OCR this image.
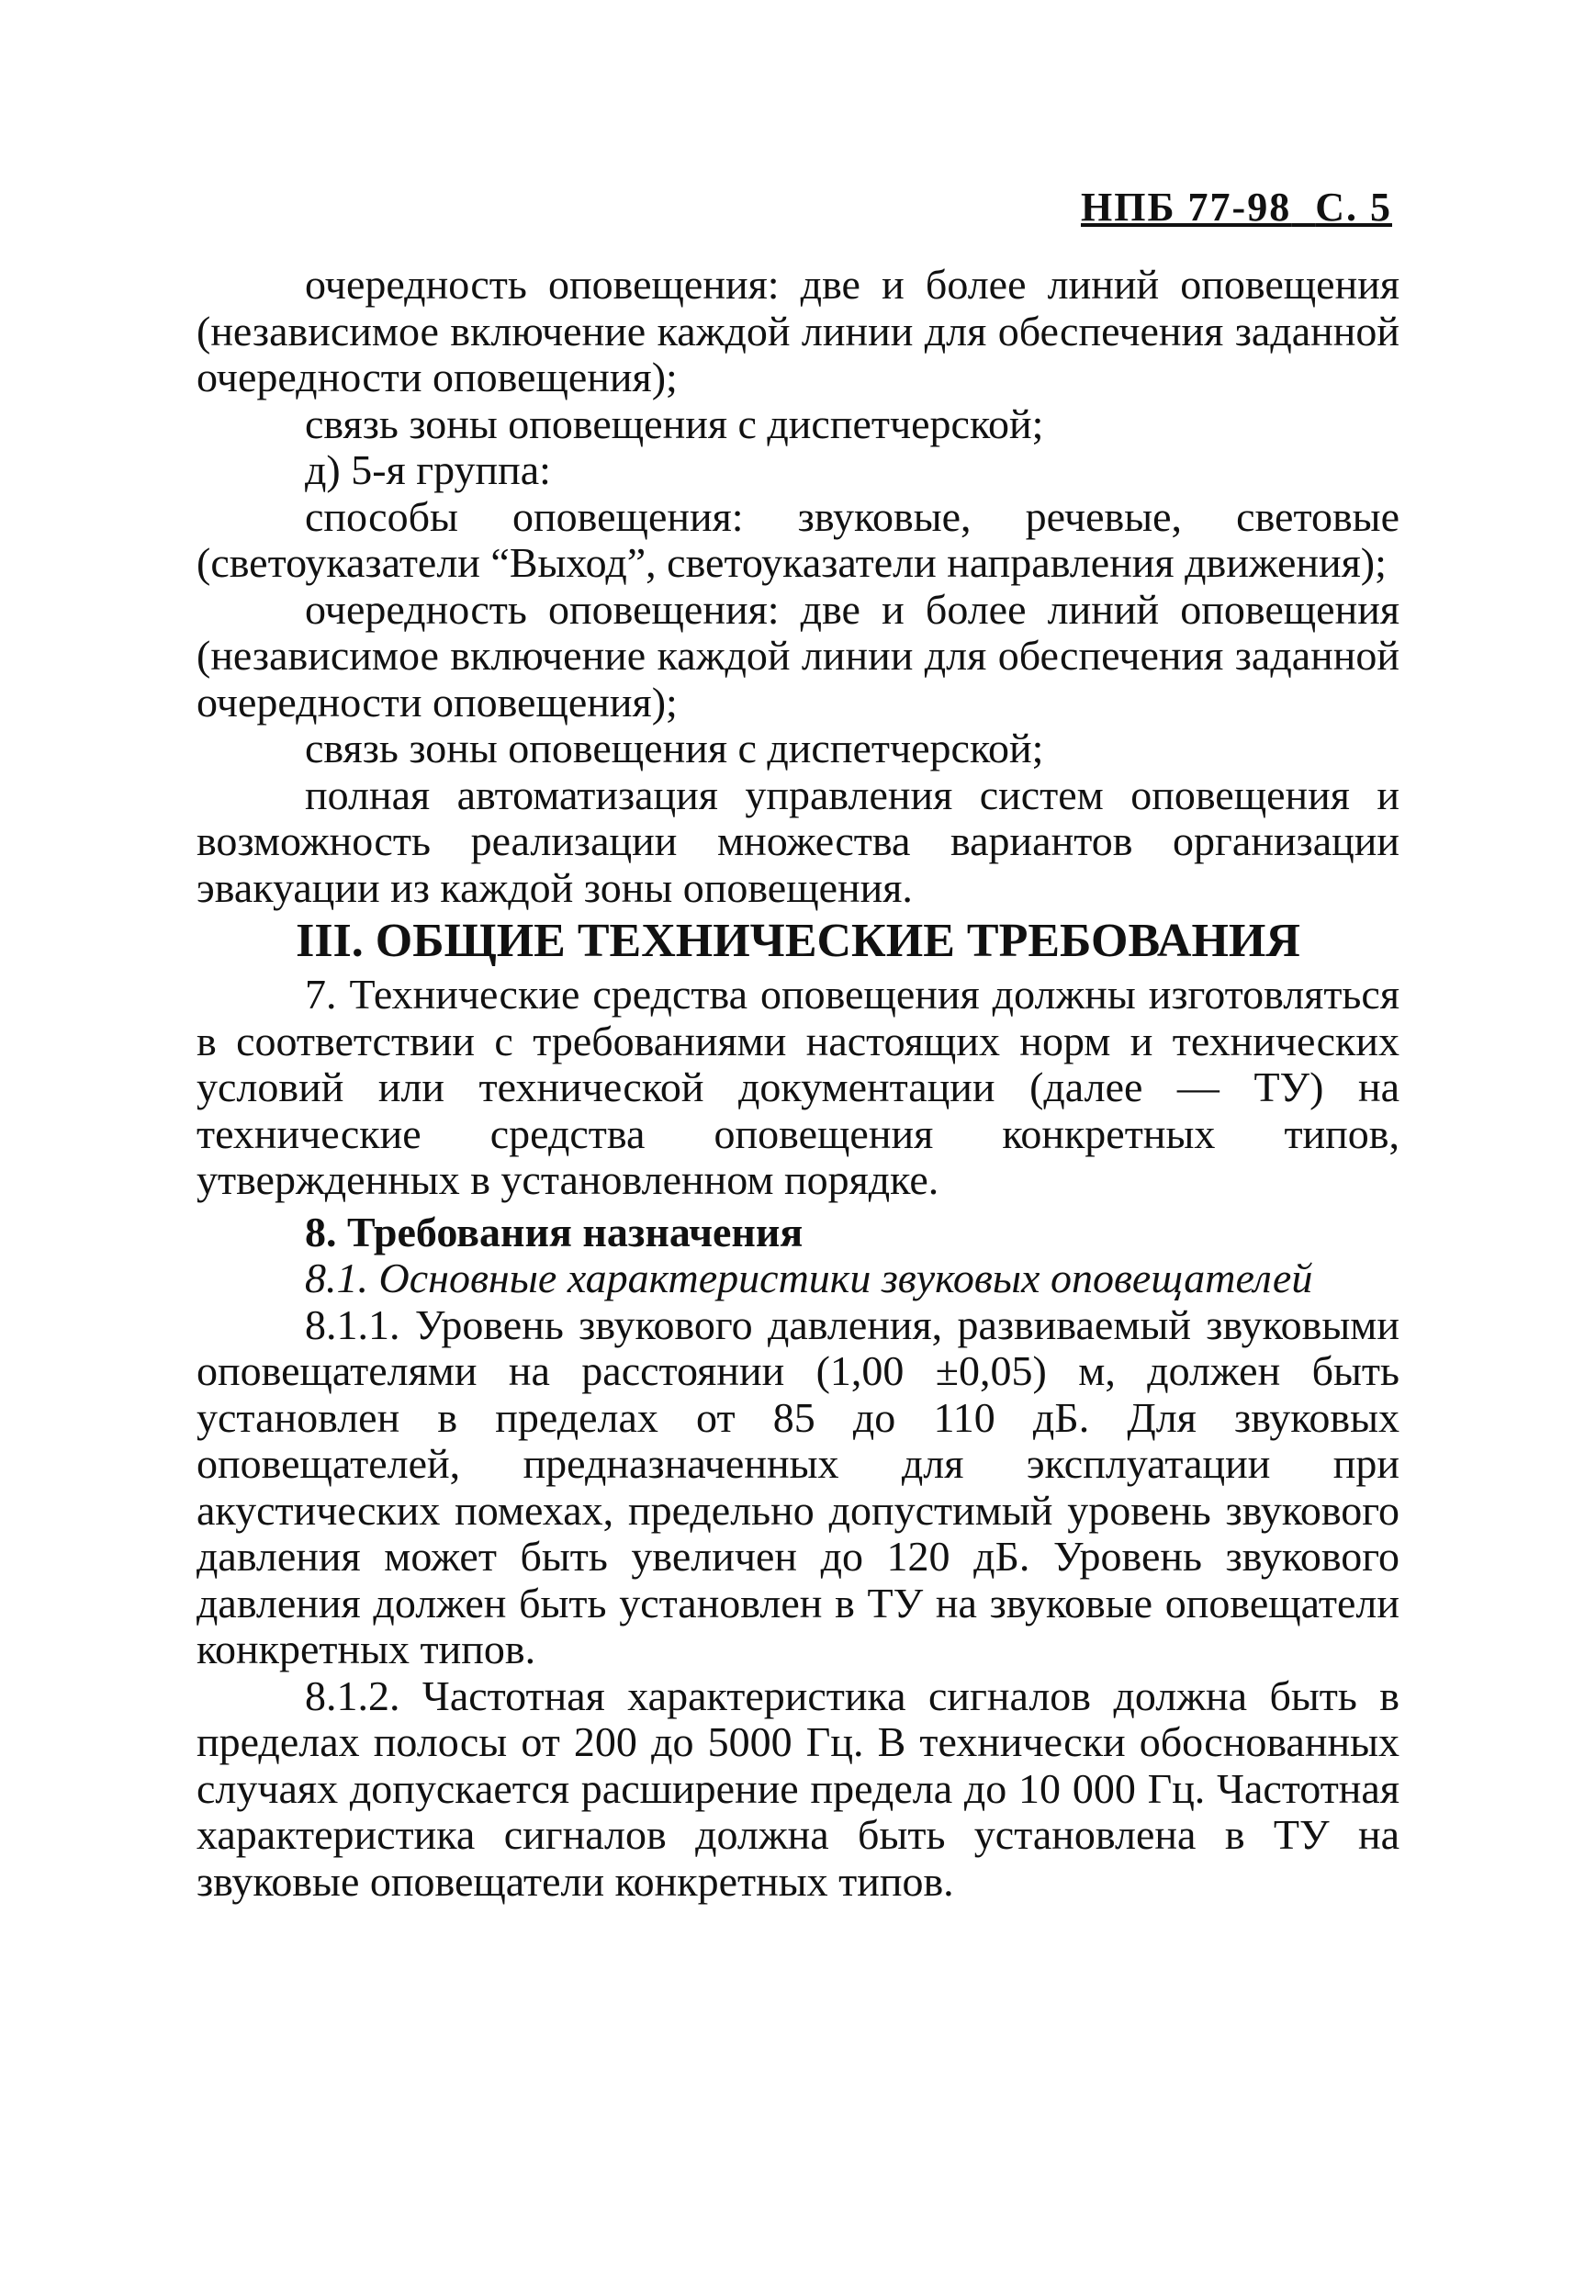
НПБ 77-98 С. 5

очередность оповещения: две и более линий оповещения (независимое включение каждой линии для обеспечения заданной очередности оповещения);

связь зоны оповещения с диспетчерской;

д) 5-я группа:

способы оповещения: звуковые, речевые, световые (светоуказатели “Выход”, светоуказатели направления движения);

очередность оповещения: две и более линий оповещения (независимое включение каждой линии для обеспечения заданной очередности оповещения);

связь зоны оповещения с диспетчерской;

полная автоматизация управления систем оповещения и возможность реализации множества вариантов организации эвакуации из каждой зоны оповещения.

III. ОБЩИЕ ТЕХНИЧЕСКИЕ ТРЕБОВАНИЯ

7. Технические средства оповещения должны изготовляться в соответствии с требованиями настоящих норм и технических условий или технической документации (далее — ТУ) на технические средства оповещения конкретных типов, утвержденных в установленном порядке.

8. Требования назначения

8.1. Основные характеристики звуковых оповещателей

8.1.1. Уровень звукового давления, развиваемый звуковыми оповещателями на расстоянии (1,00 ±0,05) м, должен быть установлен в пределах от 85 до 110 дБ. Для звуковых оповещателей, предназначенных для эксплуатации при акустических помехах, предельно допустимый уровень звукового давления может быть увеличен до 120 дБ. Уровень звукового давления должен быть установлен в ТУ на звуковые оповещатели конкретных типов.

8.1.2. Частотная характеристика сигналов должна быть в пределах полосы от 200 до 5000 Гц. В технически обоснованных случаях допускается расширение предела до 10 000 Гц. Частотная характеристика сигналов должна быть установлена в ТУ на звуковые оповещатели конкретных типов.
